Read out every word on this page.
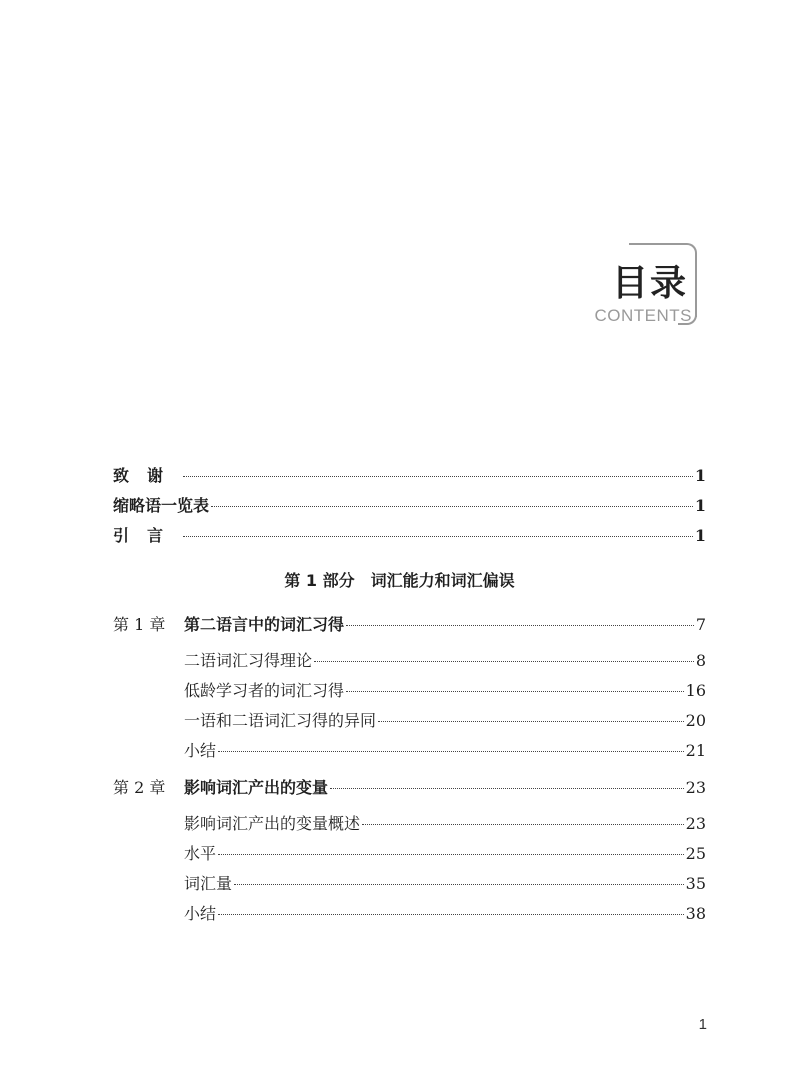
目录
CONTENTS
致谢	1
缩略语一览表	1
引言	1
第 1 部分　词汇能力和词汇偏误
第 1 章	第二语言中的词汇习得	7
二语词汇习得理论	8
低龄学习者的词汇习得	16
一语和二语词汇习得的异同	20
小结	21
第 2 章	影响词汇产出的变量	23
影响词汇产出的变量概述	23
水平	25
词汇量	35
小结	38
1
